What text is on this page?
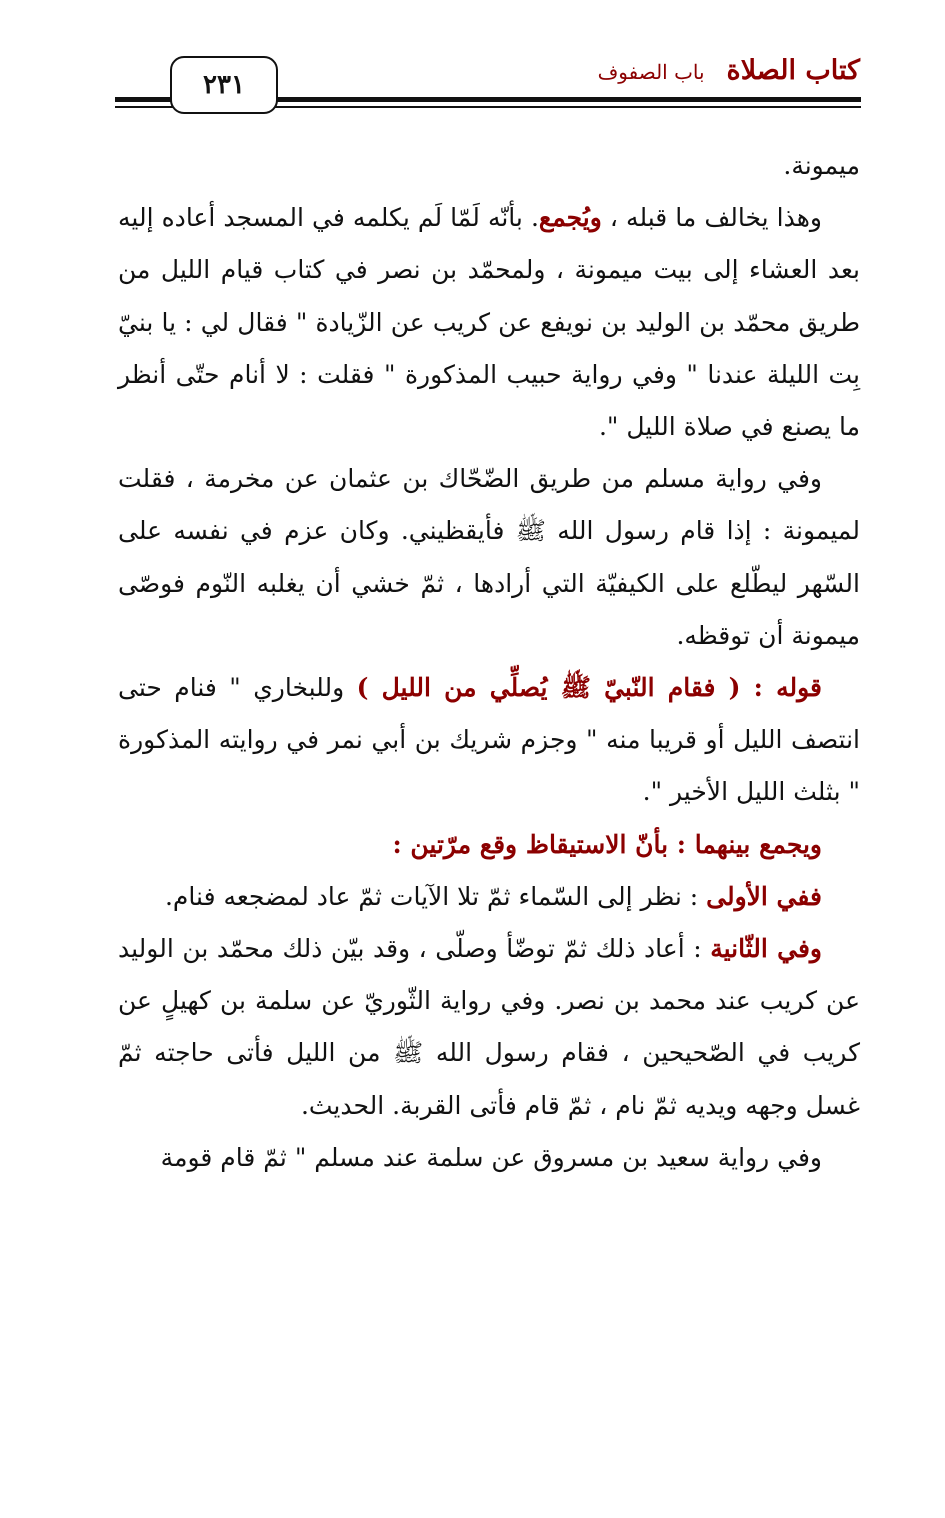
٢٣١	كتاب الصلاة باب الصفوف

ميمونة.

وهذا يخالف ما قبله ، ويُجمع. بأنّه لَمّا لَم يكلمه في المسجد أعاده إليه بعد العشاء إلى بيت ميمونة ، ولمحمّد بن نصر في كتاب قيام الليل من طريق محمّد بن الوليد بن نويفع عن كريب عن الزّيادة " فقال لي : يا بنيّ بِت الليلة عندنا " وفي رواية حبيب المذكورة " فقلت : لا أنام حتّى أنظر ما يصنع في صلاة الليل ".

وفي رواية مسلم من طريق الضّحّاك بن عثمان عن مخرمة ، فقلت لميمونة : إذا قام رسول الله ﷺ فأيقظيني. وكان عزم في نفسه على السّهر ليطّلع على الكيفيّة التي أرادها ، ثمّ خشي أن يغلبه النّوم فوصّى ميمونة أن توقظه.

قوله : ( فقام النّبيّ ﷺ يُصلِّي من الليل ) وللبخاري " فنام حتى انتصف الليل أو قريبا منه " وجزم شريك بن أبي نمر في روايته المذكورة " بثلث الليل الأخير ".

ويجمع بينهما : بأنّ الاستيقاظ وقع مرّتين :

ففي الأولى : نظر إلى السّماء ثمّ تلا الآيات ثمّ عاد لمضجعه فنام.

وفي الثّانية : أعاد ذلك ثمّ توضّأ وصلّى ، وقد بيّن ذلك محمّد بن الوليد عن كريب عند محمد بن نصر. وفي رواية الثّوريّ عن سلمة بن كهيلٍ عن كريب في الصّحيحين ، فقام رسول الله ﷺ من الليل فأتى حاجته ثمّ غسل وجهه ويديه ثمّ نام ، ثمّ قام فأتى القربة. الحديث.

وفي رواية سعيد بن مسروق عن سلمة عند مسلم " ثمّ قام قومة
